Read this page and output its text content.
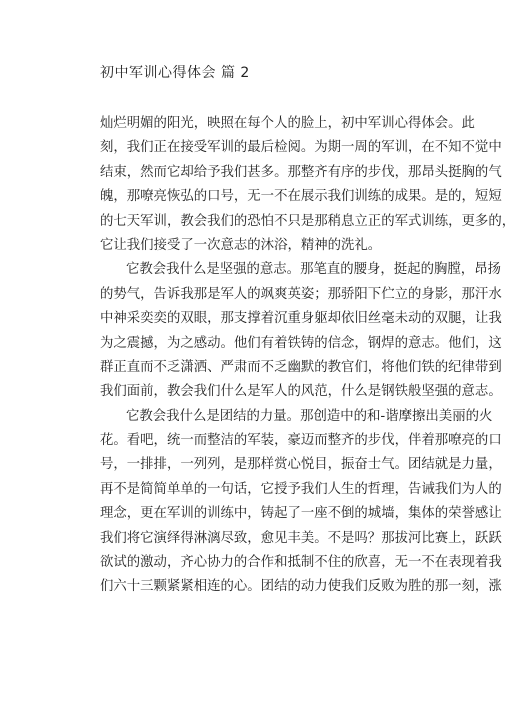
初中军训心得体会 篇 2
灿烂明媚的阳光，映照在每个人的脸上，初中军训心得体会。此
刻，我们正在接受军训的最后检阅。为期一周的军训，在不知不觉中
结束，然而它却给予我们甚多。那整齐有序的步伐，那昂头挺胸的气
魄，那嘹亮恢弘的口号，无一不在展示我们训练的成果。是的，短短
的七天军训，教会我们的恐怕不只是那稍息立正的军式训练，更多的，
它让我们接受了一次意志的沐浴，精神的洗礼。
它教会我什么是坚强的意志。那笔直的腰身，挺起的胸膛，昂扬
的势气，告诉我那是军人的飒爽英姿；那骄阳下伫立的身影，那汗水
中神采奕奕的双眼，那支撑着沉重身躯却依旧丝毫未动的双腿，让我
为之震撼，为之感动。他们有着铁铸的信念，钢焊的意志。他们，这
群正直而不乏潇洒、严肃而不乏幽默的教官们，将他们铁的纪律带到
我们面前，教会我们什么是军人的风范，什么是钢铁般坚强的意志。
它教会我什么是团结的力量。那创造中的和-谐摩擦出美丽的火
花。看吧，统一而整洁的军装，豪迈而整齐的步伐，伴着那嘹亮的口
号，一排排，一列列，是那样赏心悦目，振奋士气。团结就是力量，
再不是简简单单的一句话，它授予我们人生的哲理，告诫我们为人的
理念，更在军训的训练中，铸起了一座不倒的城墙，集体的荣誉感让
我们将它演绎得淋漓尽致，愈见丰美。不是吗？那拔河比赛上，跃跃
欲试的激动，齐心协力的合作和抵制不住的欣喜，无一不在表现着我
们六十三颗紧紧相连的心。团结的动力使我们反败为胜的那一刻，涨
